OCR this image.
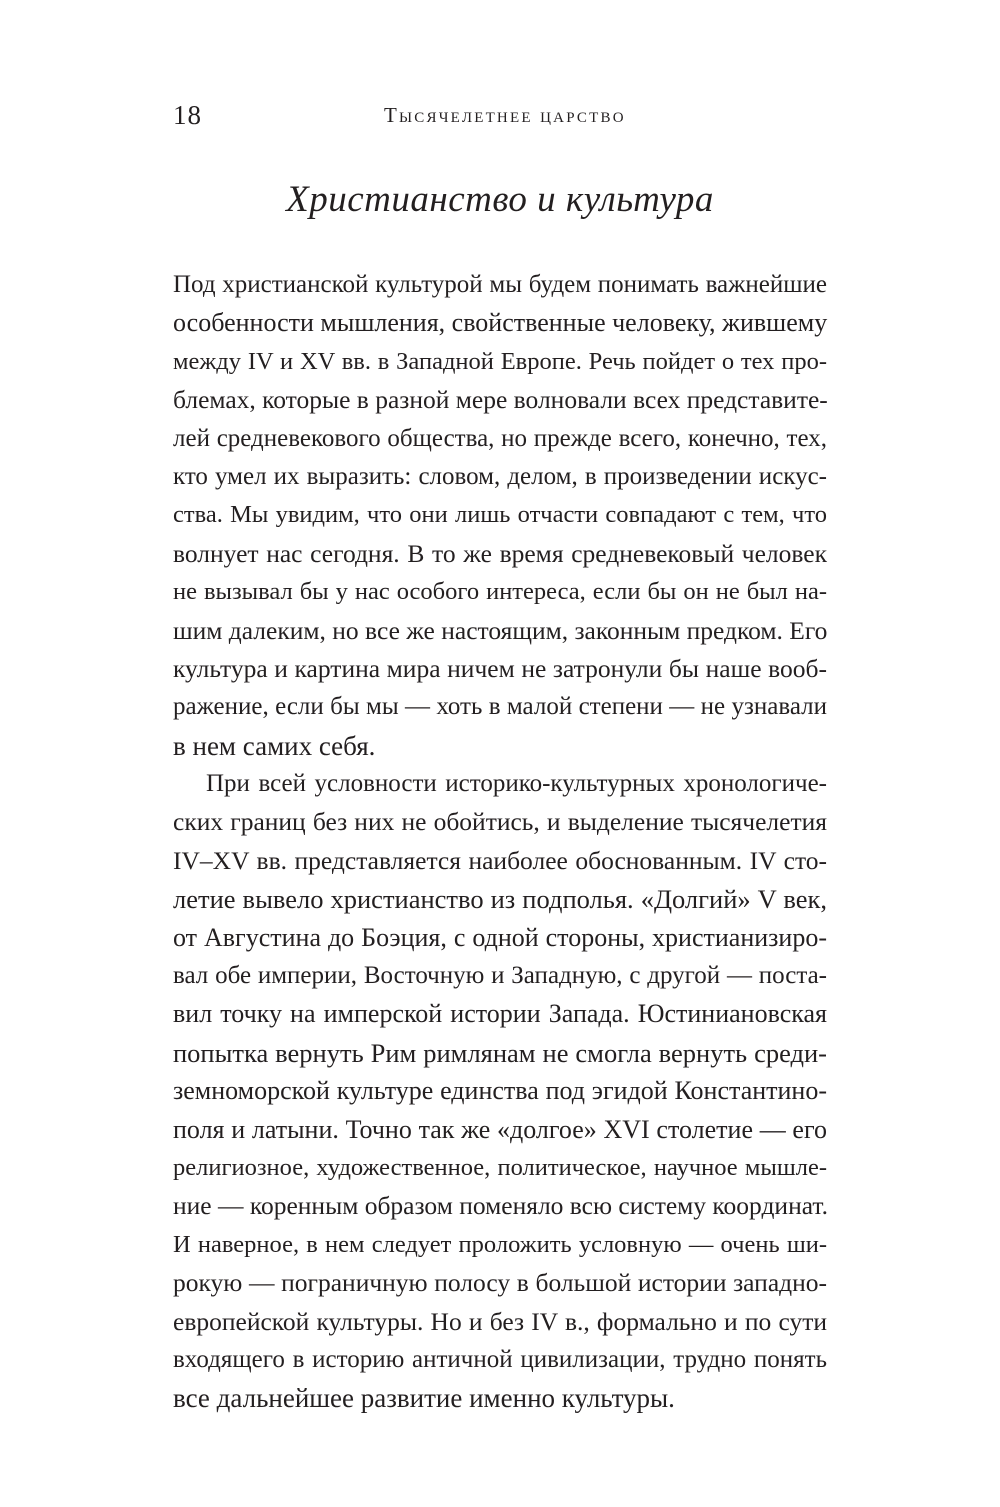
18	Тысячелетнее царство
Христианство и культура
Под христианской культурой мы будем понимать важнейшие
особенности мышления, свойственные человеку, жившему
между IV и XV вв. в Западной Европе. Речь пойдет о тех про-
блемах, которые в разной мере волновали всех представите-
лей средневекового общества, но прежде всего, конечно, тех,
кто умел их выразить: словом, делом, в произведении искус-
ства. Мы увидим, что они лишь отчасти совпадают с тем, что
волнует нас сегодня. В то же время средневековый человек
не вызывал бы у нас особого интереса, если бы он не был на-
шим далеким, но все же настоящим, законным предком. Его
культура и картина мира ничем не затронули бы наше вооб-
ражение, если бы мы — хоть в малой степени — не узнавали
в нем самих себя.
При всей условности историко-культурных хронологиче-
ских границ без них не обойтись, и выделение тысячелетия
IV–XV вв. представляется наиболее обоснованным. IV сто-
летие вывело христианство из подполья. «Долгий» V век,
от Августина до Боэция, с одной стороны, христианизиро-
вал обе империи, Восточную и Западную, с другой — поста-
вил точку на имперской истории Запада. Юстиниановская
попытка вернуть Рим римлянам не смогла вернуть среди-
земноморской культуре единства под эгидой Константино-
поля и латыни. Точно так же «долгое» XVI столетие — его
религиозное, художественное, политическое, научное мышле-
ние — коренным образом поменяло всю систему координат.
И наверное, в нем следует проложить условную — очень ши-
рокую — пограничную полосу в большой истории западно-
европейской культуры. Но и без IV в., формально и по сути
входящего в историю античной цивилизации, трудно понять
все дальнейшее развитие именно культуры.
